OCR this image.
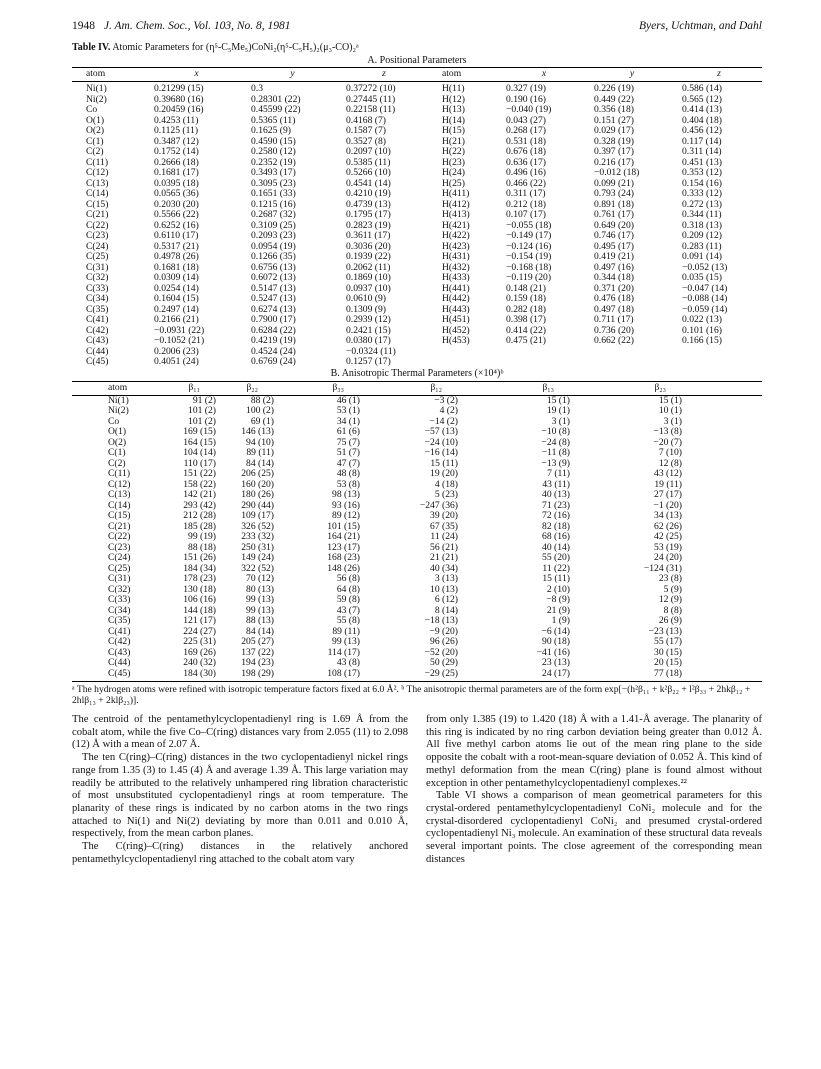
1948 J. Am. Chem. Soc., Vol. 103, No. 8, 1981	Byers, Uchtman, and Dahl
Table IV. Atomic Parameters for (η⁵-C₅Me₅)CoNi₂(η⁵-C₅H₅)₂(μ₃-CO)₂ᵃ
A. Positional Parameters
atom	x	y	z	atom	x	y	z
Ni(1)	0.21299 (15)	0.3	0.37272 (10)	H(11)	0.327 (19)	0.226 (19)	0.586 (14)
Ni(2)	0.39680 (16)	0.28301 (22)	0.27445 (11)	H(12)	0.190 (16)	0.449 (22)	0.565 (12)
Co	0.20459 (16)	0.45599 (22)	0.22158 (11)	H(13)	−0.040 (19)	0.356 (18)	0.414 (13)
O(1)	0.4253 (11)	0.5365 (11)	0.4168 (7)	H(14)	0.043 (27)	0.151 (27)	0.404 (18)
O(2)	0.1125 (11)	0.1625 (9)	0.1587 (7)	H(15)	0.268 (17)	0.029 (17)	0.456 (12)
C(1)	0.3487 (12)	0.4590 (15)	0.3527 (8)	H(21)	0.531 (18)	0.328 (19)	0.117 (14)
C(2)	0.1752 (14)	0.2580 (12)	0.2097 (10)	H(22)	0.676 (18)	0.397 (17)	0.311 (14)
C(11)	0.2666 (18)	0.2352 (19)	0.5385 (11)	H(23)	0.636 (17)	0.216 (17)	0.451 (13)
C(12)	0.1681 (17)	0.3493 (17)	0.5266 (10)	H(24)	0.496 (16)	−0.012 (18)	0.353 (12)
C(13)	0.0395 (18)	0.3095 (23)	0.4541 (14)	H(25)	0.466 (22)	0.099 (21)	0.154 (16)
C(14)	0.0565 (36)	0.1651 (33)	0.4210 (19)	H(411)	0.311 (17)	0.793 (24)	0.333 (12)
C(15)	0.2030 (20)	0.1215 (16)	0.4739 (13)	H(412)	0.212 (18)	0.891 (18)	0.272 (13)
C(21)	0.5566 (22)	0.2687 (32)	0.1795 (17)	H(413)	0.107 (17)	0.761 (17)	0.344 (11)
C(22)	0.6252 (16)	0.3109 (25)	0.2823 (19)	H(421)	−0.055 (18)	0.649 (20)	0.318 (13)
C(23)	0.6110 (17)	0.2093 (23)	0.3611 (17)	H(422)	−0.149 (17)	0.746 (17)	0.209 (12)
C(24)	0.5317 (21)	0.0954 (19)	0.3036 (20)	H(423)	−0.124 (16)	0.495 (17)	0.283 (11)
C(25)	0.4978 (26)	0.1266 (35)	0.1939 (22)	H(431)	−0.154 (19)	0.419 (21)	0.091 (14)
C(31)	0.1681 (18)	0.6756 (13)	0.2062 (11)	H(432)	−0.168 (18)	0.497 (16)	−0.052 (13)
C(32)	0.0309 (14)	0.6072 (13)	0.1869 (10)	H(433)	−0.119 (20)	0.344 (18)	0.035 (15)
C(33)	0.0254 (14)	0.5147 (13)	0.0937 (10)	H(441)	0.148 (21)	0.371 (20)	−0.047 (14)
C(34)	0.1604 (15)	0.5247 (13)	0.0610 (9)	H(442)	0.159 (18)	0.476 (18)	−0.088 (14)
C(35)	0.2497 (14)	0.6274 (13)	0.1309 (9)	H(443)	0.282 (18)	0.497 (18)	−0.059 (14)
C(41)	0.2166 (21)	0.7900 (17)	0.2939 (12)	H(451)	0.398 (17)	0.711 (17)	0.022 (13)
C(42)	−0.0931 (22)	0.6284 (22)	0.2421 (15)	H(452)	0.414 (22)	0.736 (20)	0.101 (16)
C(43)	−0.1052 (21)	0.4219 (19)	0.0380 (17)	H(453)	0.475 (21)	0.662 (22)	0.166 (15)
C(44)	0.2006 (23)	0.4524 (24)	−0.0324 (11)				
C(45)	0.4051 (24)	0.6769 (24)	0.1257 (17)				
B. Anisotropic Thermal Parameters (×10⁴)ᵇ
atom	β₁₁	β₂₂	β₃₃	β₁₂	β₁₃	β₂₃
Ni(1)	91 (2)	88 (2)	46 (1)	−3 (2)	15 (1)	15 (1)
Ni(2)	101 (2)	100 (2)	53 (1)	4 (2)	19 (1)	10 (1)
Co	101 (2)	69 (1)	34 (1)	−14 (2)	3 (1)	3 (1)
O(1)	169 (15)	146 (13)	61 (6)	−57 (13)	−10 (8)	−13 (8)
O(2)	164 (15)	94 (10)	75 (7)	−24 (10)	−24 (8)	−20 (7)
C(1)	104 (14)	89 (11)	51 (7)	−16 (14)	−11 (8)	7 (10)
C(2)	110 (17)	84 (14)	47 (7)	15 (11)	−13 (9)	12 (8)
C(11)	151 (22)	206 (25)	48 (8)	19 (20)	7 (11)	43 (12)
C(12)	158 (22)	160 (20)	53 (8)	4 (18)	43 (11)	19 (11)
C(13)	142 (21)	180 (26)	98 (13)	5 (23)	40 (13)	27 (17)
C(14)	293 (42)	290 (44)	93 (16)	−247 (36)	71 (23)	−1 (20)
C(15)	212 (28)	109 (17)	89 (12)	39 (20)	72 (16)	34 (13)
C(21)	185 (28)	326 (52)	101 (15)	67 (35)	82 (18)	62 (26)
C(22)	99 (19)	233 (32)	164 (21)	11 (24)	68 (16)	42 (25)
C(23)	88 (18)	250 (31)	123 (17)	56 (21)	40 (14)	53 (19)
C(24)	151 (26)	149 (24)	168 (23)	21 (21)	55 (20)	24 (20)
C(25)	184 (34)	322 (52)	148 (26)	40 (34)	11 (22)	−124 (31)
C(31)	178 (23)	70 (12)	56 (8)	3 (13)	15 (11)	23 (8)
C(32)	130 (18)	80 (13)	64 (8)	10 (13)	2 (10)	5 (9)
C(33)	106 (16)	99 (13)	59 (8)	6 (12)	−8 (9)	12 (9)
C(34)	144 (18)	99 (13)	43 (7)	8 (14)	21 (9)	8 (8)
C(35)	121 (17)	88 (13)	55 (8)	−18 (13)	1 (9)	26 (9)
C(41)	224 (27)	84 (14)	89 (11)	−9 (20)	−6 (14)	−23 (13)
C(42)	225 (31)	205 (27)	99 (13)	96 (26)	90 (18)	55 (17)
C(43)	169 (26)	137 (22)	114 (17)	−52 (20)	−41 (16)	30 (15)
C(44)	240 (32)	194 (23)	43 (8)	50 (29)	23 (13)	20 (15)
C(45)	184 (30)	198 (29)	108 (17)	−29 (25)	24 (17)	77 (18)
ᵃ The hydrogen atoms were refined with isotropic temperature factors fixed at 6.0 Å². ᵇ The anisotropic thermal parameters are of the form exp[−(h²β₁₁ + k²β₂₂ + l²β₃₃ + 2hkβ₁₂ + 2hlβ₁₃ + 2klβ₂₃)].

The centroid of the pentamethylcyclopentadienyl ring is 1.69 Å from the cobalt atom, while the five Co–C(ring) distances vary from 2.055 (11) to 2.098 (12) Å with a mean of 2.07 Å.

The ten C(ring)–C(ring) distances in the two cyclopentadienyl nickel rings range from 1.35 (3) to 1.45 (4) Å and average 1.39 Å. This large variation may readily be attributed to the relatively unhampered ring libration characteristic of most unsubstituted cyclopentadienyl rings at room temperature. The planarity of these rings is indicated by no carbon atoms in the two rings attached to Ni(1) and Ni(2) deviating by more than 0.011 and 0.010 Å, respectively, from the mean carbon planes.

The C(ring)–C(ring) distances in the relatively anchored pentamethylcyclopentadienyl ring attached to the cobalt atom vary

from only 1.385 (19) to 1.420 (18) Å with a 1.41-Å average. The planarity of this ring is indicated by no ring carbon deviation being greater than 0.012 Å. All five methyl carbon atoms lie out of the mean ring plane to the side opposite the cobalt with a root-mean-square deviation of 0.052 Å. This kind of methyl deformation from the mean C(ring) plane is found almost without exception in other pentamethylcyclopentadienyl complexes.²²

Table VI shows a comparison of mean geometrical parameters for this crystal-ordered pentamethylcyclopentadienyl CoNi₂ molecule and for the crystal-disordered cyclopentadienyl CoNi₂ and presumed crystal-ordered cyclopentadienyl Ni₃ molecule. An examination of these structural data reveals several important points. The close agreement of the corresponding mean distances
